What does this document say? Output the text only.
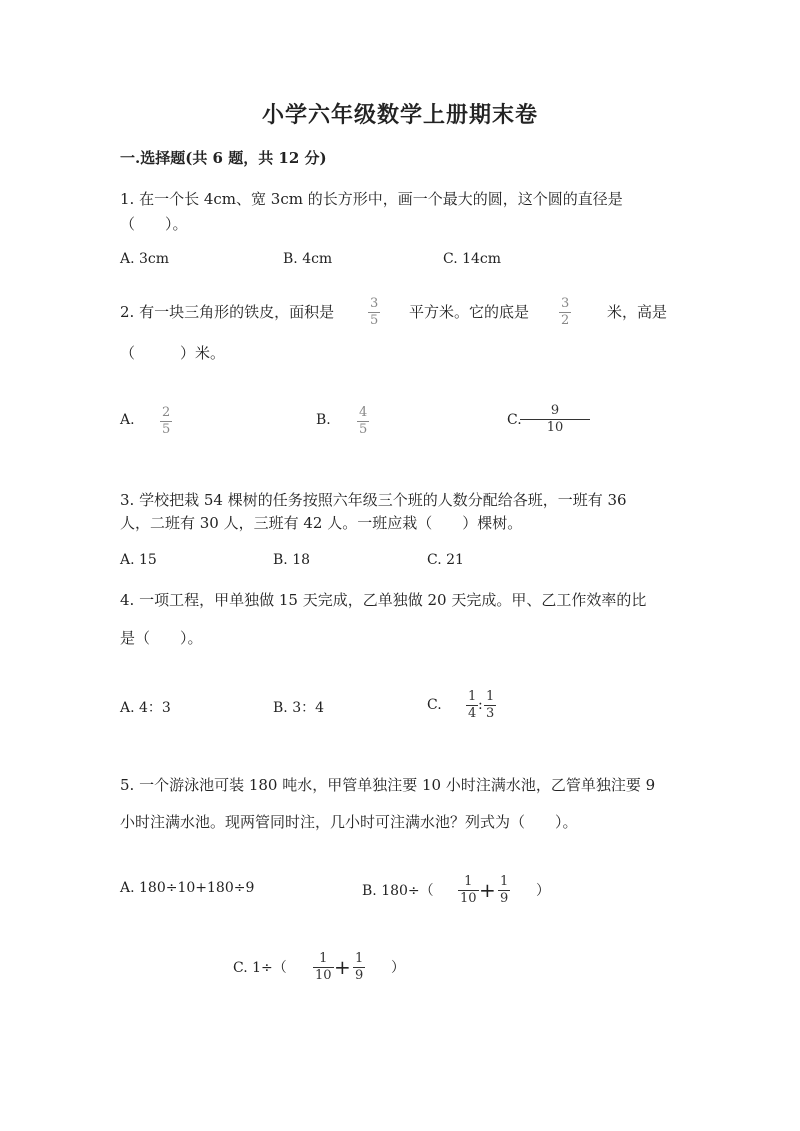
小学六年级数学上册期末卷
一.选择题(共 6 题，共 12 分)
1. 在一个长 4cm、宽 3cm 的长方形中，画一个最大的圆，这个圆的直径是
（　　）。
A. 3cm	B. 4cm	C. 14cm
2. 有一块三角形的铁皮，面积是	3
5 平方米。它的底是 3
2	米，高是
（　　　）米。
A. 2
5
B. 4
5
C.
9
10
3. 学校把栽 54 棵树的任务按照六年级三个班的人数分配给各班，一班有 36
人，二班有 30 人，三班有 42 人。一班应栽（　　）棵树。
A. 15	B. 18	C. 21
4. 一项工程，甲单独做 15 天完成，乙单独做 20 天完成。甲、乙工作效率的比
是（　　）。
A. 4：3	B. 3：4	C.
1
4
:
1
3
5. 一个游泳池可装 180 吨水，甲管单独注要 10 小时注满水池，乙管单独注要 9
小时注满水池。现两管同时注，几小时可注满水池？列式为（　　）。
A. 180÷10+180÷9	B. 180÷（
1
10 + 1
9 ）
C. 1÷（
1
10 + 1
9 ）
